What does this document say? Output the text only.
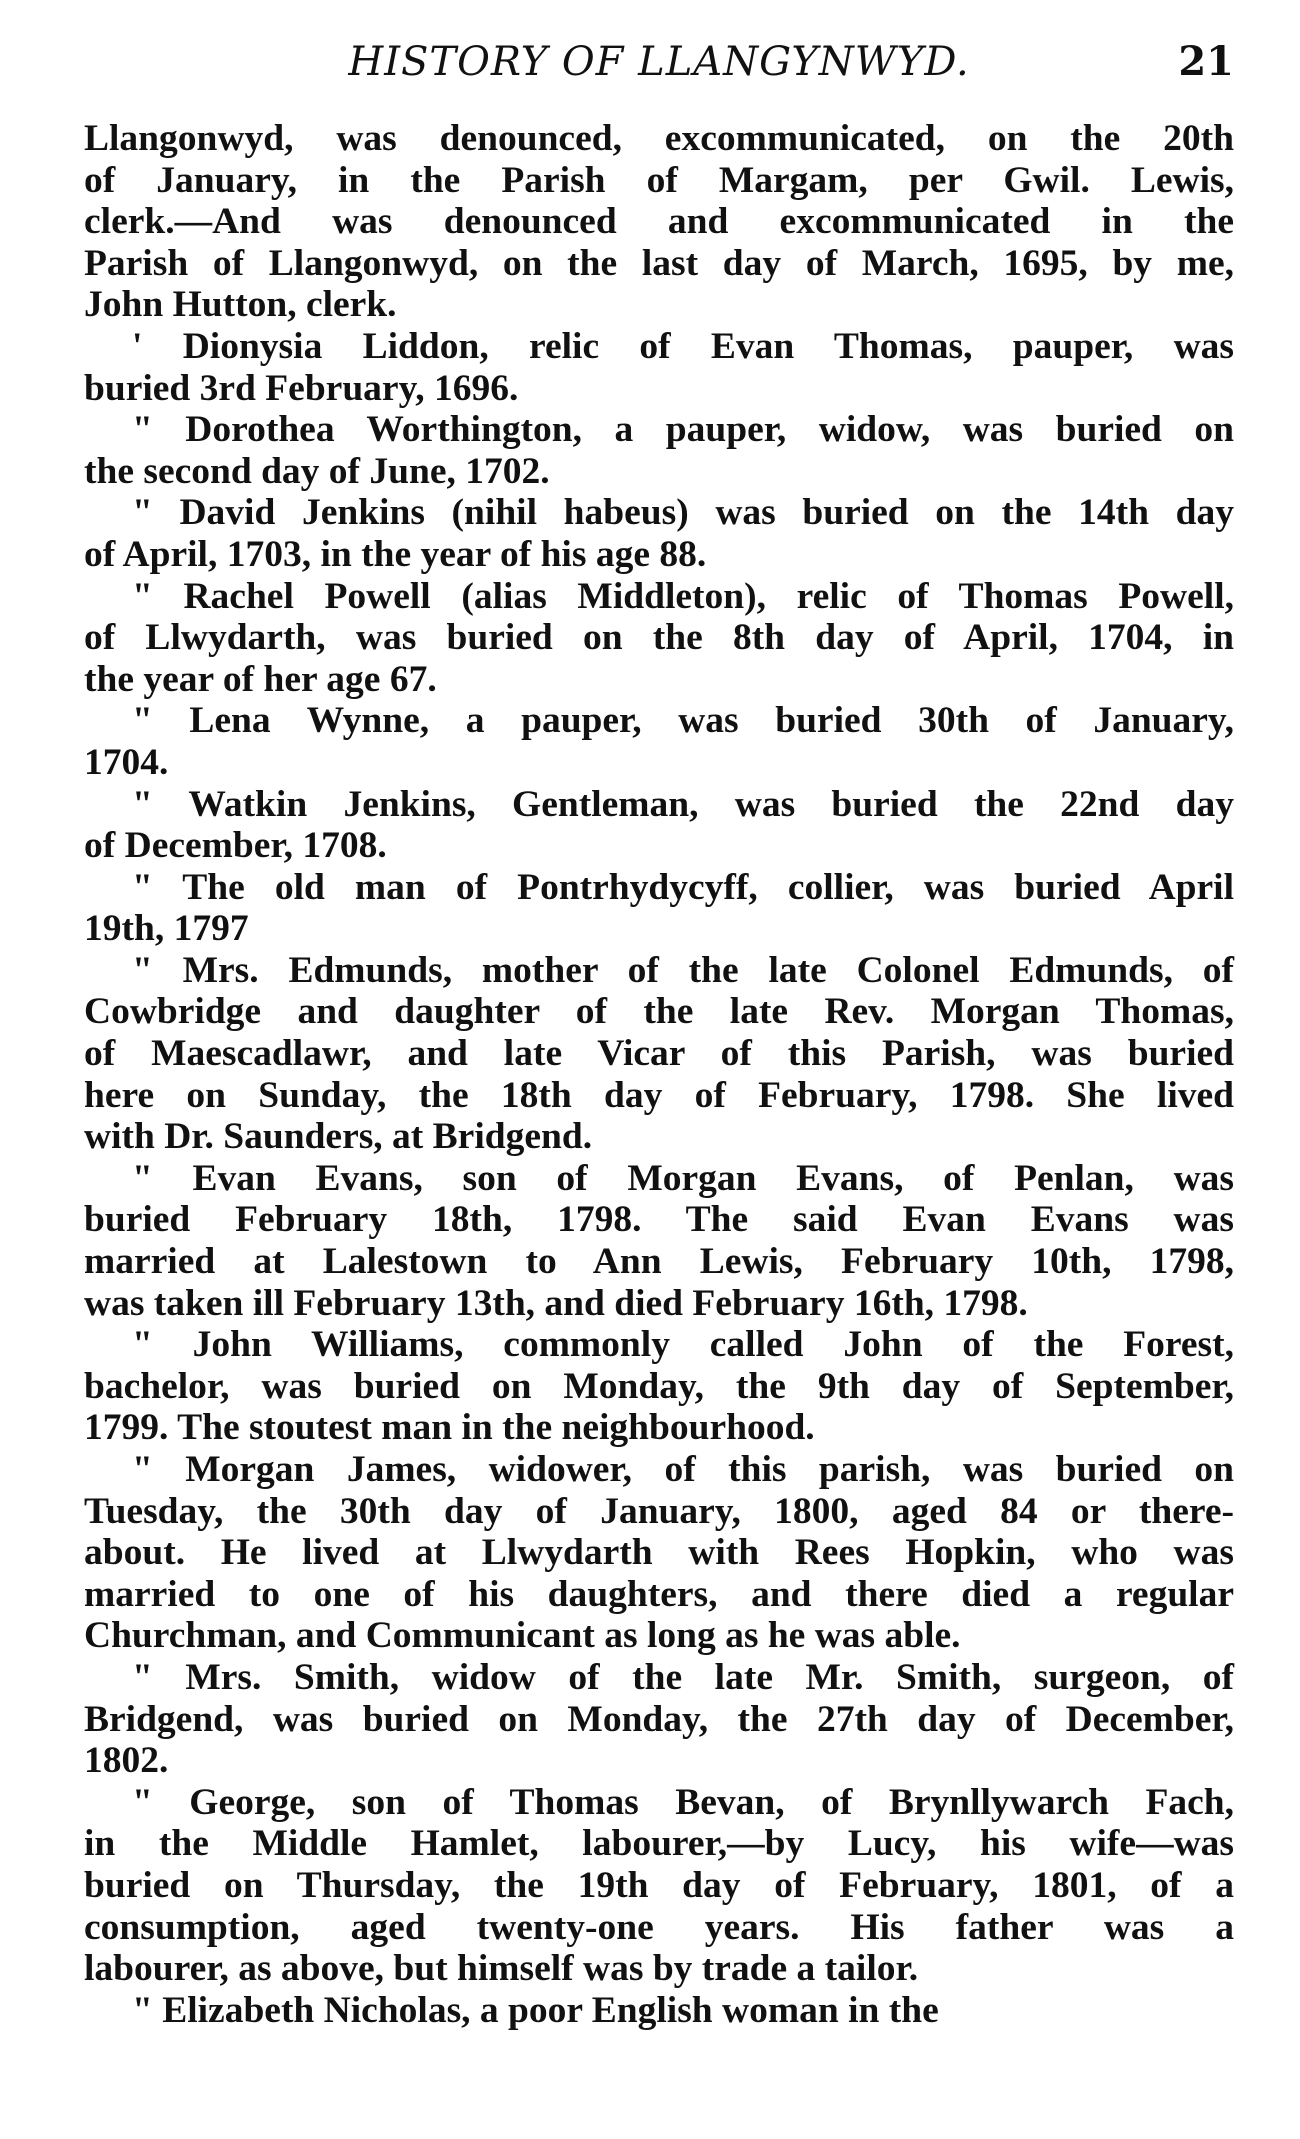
HISTORY OF LLANGYNWYD.	21
Llangonwyd, was denounced, excommunicated, on the 20th
of January, in the Parish of Margam, per Gwil. Lewis,
clerk.—And was denounced and excommunicated in the
Parish of Llangonwyd, on the last day of March, 1695, by me,
John Hutton, clerk.
' Dionysia Liddon, relic of Evan Thomas, pauper, was
buried 3rd February, 1696.
" Dorothea Worthington, a pauper, widow, was buried on
the second day of June, 1702.
" David Jenkins (nihil habeus) was buried on the 14th day
of April, 1703, in the year of his age 88.
" Rachel Powell (alias Middleton), relic of Thomas Powell,
of Llwydarth, was buried on the 8th day of April, 1704, in
the year of her age 67.
" Lena Wynne, a pauper, was buried 30th of January,
1704.
" Watkin Jenkins, Gentleman, was buried the 22nd day
of December, 1708.
" The old man of Pontrhydycyff, collier, was buried April
19th, 1797
" Mrs. Edmunds, mother of the late Colonel Edmunds, of
Cowbridge and daughter of the late Rev. Morgan Thomas,
of Maescadlawr, and late Vicar of this Parish, was buried
here on Sunday, the 18th day of February, 1798. She lived
with Dr. Saunders, at Bridgend.
" Evan Evans, son of Morgan Evans, of Penlan, was
buried February 18th, 1798. The said Evan Evans was
married at Lalestown to Ann Lewis, February 10th, 1798,
was taken ill February 13th, and died February 16th, 1798.
" John Williams, commonly called John of the Forest,
bachelor, was buried on Monday, the 9th day of September,
1799. The stoutest man in the neighbourhood.
" Morgan James, widower, of this parish, was buried on
Tuesday, the 30th day of January, 1800, aged 84 or there-
about. He lived at Llwydarth with Rees Hopkin, who was
married to one of his daughters, and there died a regular
Churchman, and Communicant as long as he was able.
" Mrs. Smith, widow of the late Mr. Smith, surgeon, of
Bridgend, was buried on Monday, the 27th day of December,
1802.
" George, son of Thomas Bevan, of Brynllywarch Fach,
in the Middle Hamlet, labourer,—by Lucy, his wife—was
buried on Thursday, the 19th day of February, 1801, of a
consumption, aged twenty-one years. His father was a
labourer, as above, but himself was by trade a tailor.
" Elizabeth Nicholas, a poor English woman in the
